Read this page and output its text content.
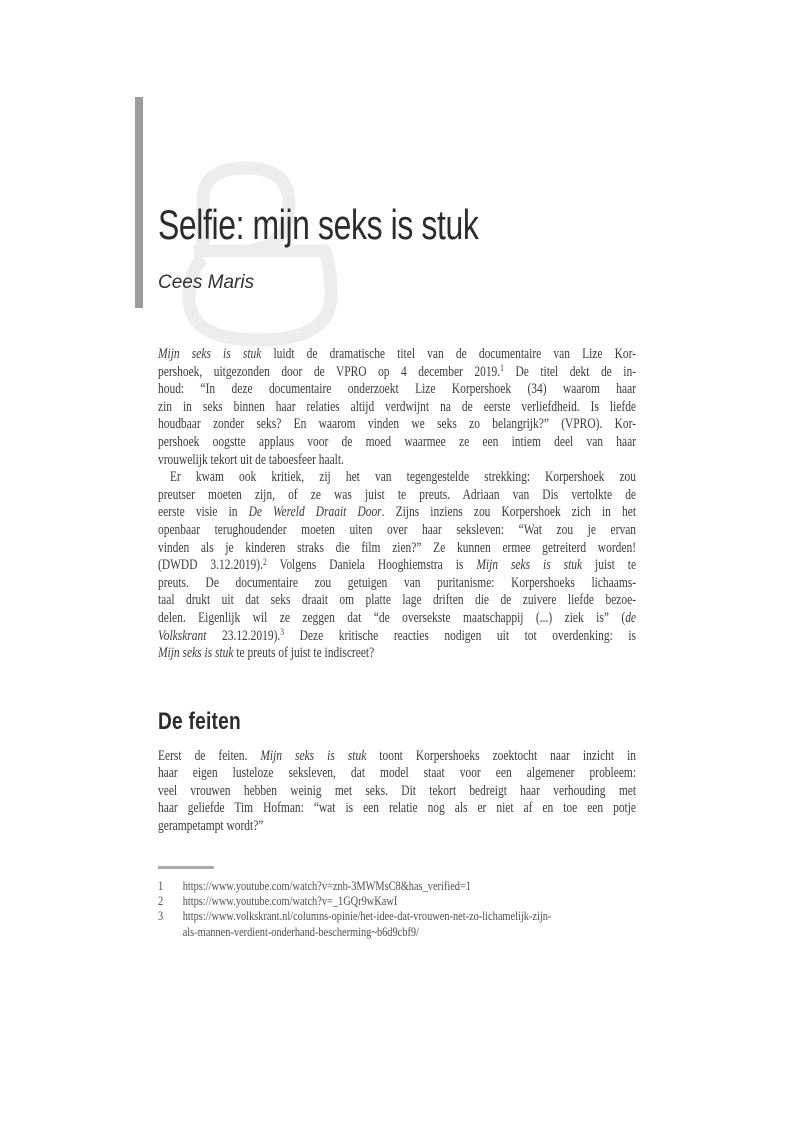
Selfie: mijn seks is stuk

Cees Maris

Mijn seks is stuk luidt de dramatische titel van de documentaire van Lize Kor-
pershoek, uitgezonden door de VPRO op 4 december 2019.$^1$ De titel dekt de in-
houd: “In deze documentaire onderzoekt Lize Korpershoek (34) waarom haar
zin in seks binnen haar relaties altijd verdwijnt na de eerste verliefdheid. Is liefde
houdbaar zonder seks? En waarom vinden we seks zo belangrijk?” (VPRO). Kor-
pershoek oogstte applaus voor de moed waarmee ze een intiem deel van haar
vrouwelijk tekort uit de taboesfeer haalt.
Er kwam ook kritiek, zij het van tegengestelde strekking: Korpershoek zou
preutser moeten zijn, of ze was juist te preuts. Adriaan van Dis vertolkte de
eerste visie in De Wereld Draait Door. Zijns inziens zou Korpershoek zich in het
openbaar terughoudender moeten uiten over haar seksleven: “Wat zou je ervan
vinden als je kinderen straks die film zien?” Ze kunnen ermee getreiterd worden!
(DWDD 3.12.2019).$^2$ Volgens Daniela Hooghiemstra is Mijn seks is stuk juist te
preuts. De documentaire zou getuigen van puritanisme: Korpershoeks lichaams-
taal drukt uit dat seks draait om platte lage driften die de zuivere liefde bezoe-
delen. Eigenlijk wil ze zeggen dat “de oversekste maatschappij (...) ziek is” (de
Volkskrant 23.12.2019).$^3$ Deze kritische reacties nodigen uit tot overdenking: is
Mijn seks is stuk te preuts of juist te indiscreet?
De feiten
Eerst de feiten. Mijn seks is stuk toont Korpershoeks zoektocht naar inzicht in
haar eigen lusteloze seksleven, dat model staat voor een algemener probleem:
veel vrouwen hebben weinig met seks. Dit tekort bedreigt haar verhouding met
haar geliefde Tim Hofman: “wat is een relatie nog als er niet af en toe een potje
gerampetampt wordt?”
1	https://www.youtube.com/watch?v=znb-3MWMsC8&has_verified=1
2	https://www.youtube.com/watch?v=_1GQr9wKawI
3	https://www.volkskrant.nl/columns-opinie/het-idee-dat-vrouwen-net-zo-lichamelijk-zijn-
als-mannen-verdient-onderhand-bescherming~b6d9cbf9/
